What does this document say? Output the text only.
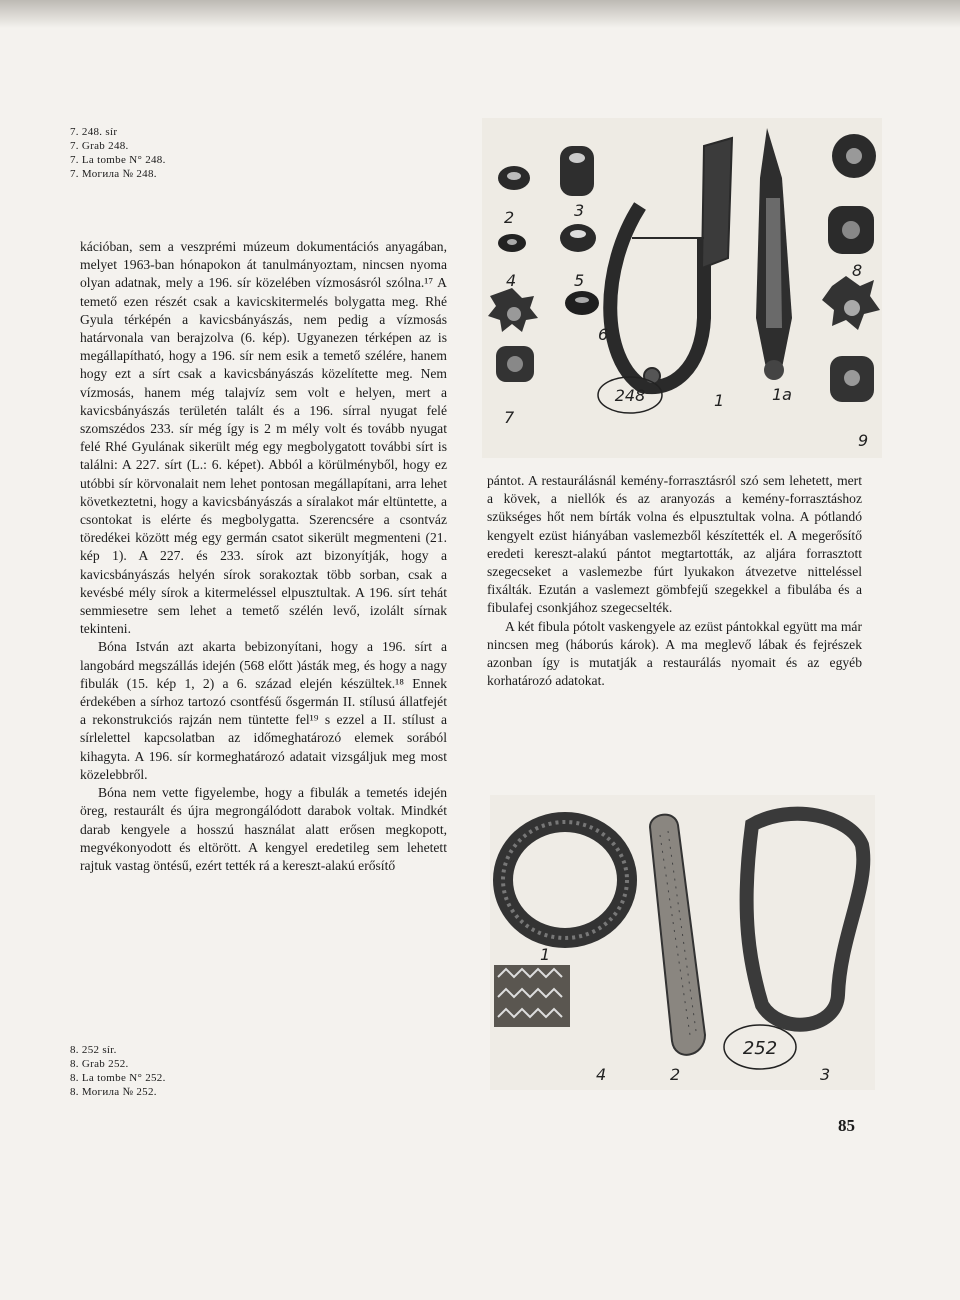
7. 248. sír
7. Grab 248.
7. La tombe N° 248.
7. Могила № 248.

kációban, sem a veszprémi múzeum dokumentációs anyagában, melyet 1963-ban hónapokon át tanulmányoztam, nincsen nyoma olyan adatnak, mely a 196. sír közelében vízmosásról szólna.¹⁷ A temető ezen részét csak a kavicskitermelés bolygatta meg. Rhé Gyula térképén a kavicsbányászás, nem pedig a vízmosás határvonala van berajzolva (6. kép). Ugyanezen térképen az is megállapítható, hogy a 196. sír nem esik a temető szélére, hanem hogy ezt a sírt csak a kavicsbányászás közelítette meg. Nem vízmosás, hanem még talajvíz sem volt e helyen, mert a kavicsbányászás területén talált és a 196. sírral nyugat felé szomszédos 233. sír még így is 2 m mély volt és tovább nyugat felé Rhé Gyulának sikerült még egy megbolygatott további sírt is találni: A 227. sírt (L.: 6. képet). Abból a körülményből, hogy ez utóbbi sír körvonalait nem lehet pontosan megállapítani, arra lehet következtetni, hogy a kavicsbányászás a síralakot már eltüntette, a csontokat is elérte és megbolygatta. Szerencsére a csontváz töredékei között még egy germán csatot sikerült megmenteni (21. kép 1). A 227. és 233. sírok azt bizonyítják, hogy a kavicsbányászás helyén sírok sorakoztak több sorban, csak a kevésbé mély sírok a kitermeléssel elpusztultak. A 196. sírt tehát semmiesetre sem lehet a temető szélén levő, izolált sírnak tekinteni.

Bóna István azt akarta bebizonyítani, hogy a 196. sírt a langobárd megszállás idején (568 előtt )ásták meg, és hogy a nagy fibulák (15. kép 1, 2) a 6. század elején készültek.¹⁸ Ennek érdekében a sírhoz tartozó csontfésű ősgermán II. stílusú állatfejét a rekonstrukciós rajzán nem tüntette fel¹⁹ s ezzel a II. stílust a sírlelettel kapcsolatban az időmeghatározó elemek sorából kihagyta. A 196. sír kormeghatározó adatait vizsgáljuk meg most közelebbről.

Bóna nem vette figyelembe, hogy a fibulák a temetés idején öreg, restaurált és újra megrongálódott darabok voltak. Mindkét darab kengyele a hosszú használat alatt erősen megkopott, megvékonyodott és eltörött. A kengyel eredetileg sem lehetett rajtuk vastag öntésű, ezért tették rá a kereszt-alakú erősítő

pántot. A restaurálásnál kemény-forrasztásról szó sem lehetett, mert a kövek, a niellók és az aranyozás a kemény-forrasztáshoz szükséges hőt nem bírták volna és elpusztultak volna. A pótlandó kengyelt ezüst hiányában vaslemezből készítették el. A megerősítő eredeti kereszt-alakú pántot megtartották, az aljára forrasztott szegecseket a vaslemezbe fúrt lyukakon átvezetve nitteléssel fixálták. Ezután a vaslemezt gömbfejű szegekkel a fibulába és a fibulafej csonkjához szegecselték.

A két fibula pótolt vaskengyele az ezüst pántokkal együtt ma már nincsen meg (háborús károk). A ma meglevő lábak és fejrészek azonban így is mutatják a restaurálás nyomait és az egyéb korhatározó adatokat.

248
2	3
4	5
6
7
1	1a
8
9
252
1
4	2	3
8. 252 sír.
8. Grab 252.
8. La tombe N° 252.
8. Могила № 252.
85
